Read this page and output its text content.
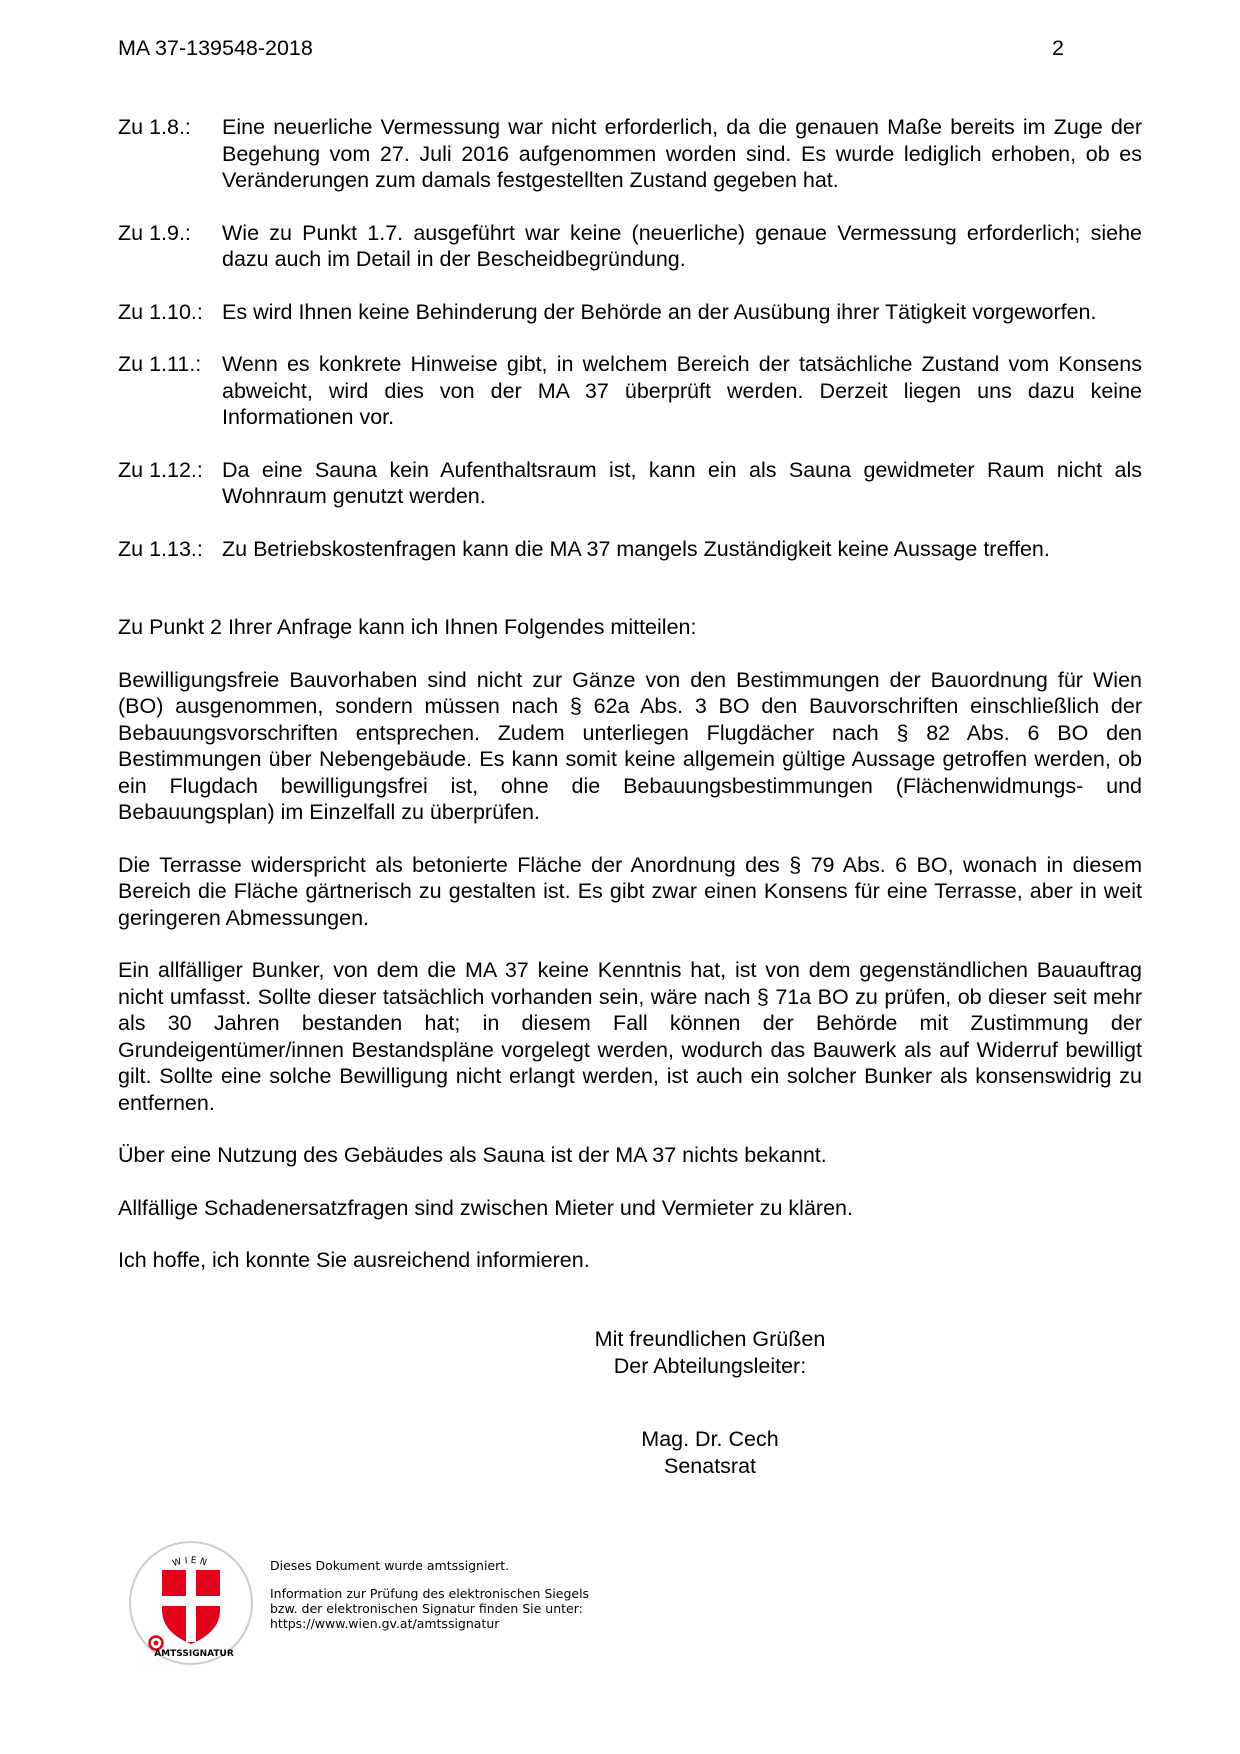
MA 37-139548-2018	2
Zu 1.8.:	Eine neuerliche Vermessung war nicht erforderlich, da die genauen Maße bereits im Zuge der Begehung vom 27. Juli 2016 aufgenommen worden sind. Es wurde lediglich erhoben, ob es Veränderungen zum damals festgestellten Zustand gegeben hat.
Zu 1.9.:	Wie zu Punkt 1.7. ausgeführt war keine (neuerliche) genaue Vermessung erforderlich; siehe dazu auch im Detail in der Bescheidbegründung.
Zu 1.10.: Es wird Ihnen keine Behinderung der Behörde an der Ausübung ihrer Tätigkeit vorgeworfen.
Zu 1.11.: Wenn es konkrete Hinweise gibt, in welchem Bereich der tatsächliche Zustand vom Konsens abweicht, wird dies von der MA 37 überprüft werden. Derzeit liegen uns dazu keine Informationen vor.
Zu 1.12.: Da eine Sauna kein Aufenthaltsraum ist, kann ein als Sauna gewidmeter Raum nicht als Wohnraum genutzt werden.
Zu 1.13.: Zu Betriebskostenfragen kann die MA 37 mangels Zuständigkeit keine Aussage treffen.
Zu Punkt 2 Ihrer Anfrage kann ich Ihnen Folgendes mitteilen:

Bewilligungsfreie Bauvorhaben sind nicht zur Gänze von den Bestimmungen der Bauordnung für Wien (BO) ausgenommen, sondern müssen nach § 62a Abs. 3 BO den Bauvorschriften einschließlich der Bebauungsvorschriften entsprechen. Zudem unterliegen Flugdächer nach § 82 Abs. 6 BO den Bestimmungen über Nebengebäude. Es kann somit keine allgemein gültige Aussage getroffen werden, ob ein Flugdach bewilligungsfrei ist, ohne die Bebauungsbestimmungen (Flächenwidmungs- und Bebauungsplan) im Einzelfall zu überprüfen.

Die Terrasse widerspricht als betonierte Fläche der Anordnung des § 79 Abs. 6 BO, wonach in diesem Bereich die Fläche gärtnerisch zu gestalten ist. Es gibt zwar einen Konsens für eine Terrasse, aber in weit geringeren Abmessungen.

Ein allfälliger Bunker, von dem die MA 37 keine Kenntnis hat, ist von dem gegenständlichen Bauauftrag nicht umfasst. Sollte dieser tatsächlich vorhanden sein, wäre nach § 71a BO zu prüfen, ob dieser seit mehr als 30 Jahren bestanden hat; in diesem Fall können der Behörde mit Zustimmung der Grundeigentümer/innen Bestandspläne vorgelegt werden, wodurch das Bauwerk als auf Widerruf bewilligt gilt. Sollte eine solche Bewilligung nicht erlangt werden, ist auch ein solcher Bunker als konsenswidrig zu entfernen.

Über eine Nutzung des Gebäudes als Sauna ist der MA 37 nichts bekannt.

Allfällige Schadenersatzfragen sind zwischen Mieter und Vermieter zu klären.

Ich hoffe, ich konnte Sie ausreichend informieren.

Mit freundlichen Grüßen
Der Abteilungsleiter:
Mag. Dr. Cech
Senatsrat
WIEN
AMTSSIGNATUR
Dieses Dokument wurde amtssigniert.
Information zur Prüfung des elektronischen Siegels
bzw. der elektronischen Signatur finden Sie unter:
https://www.wien.gv.at/amtssignatur
